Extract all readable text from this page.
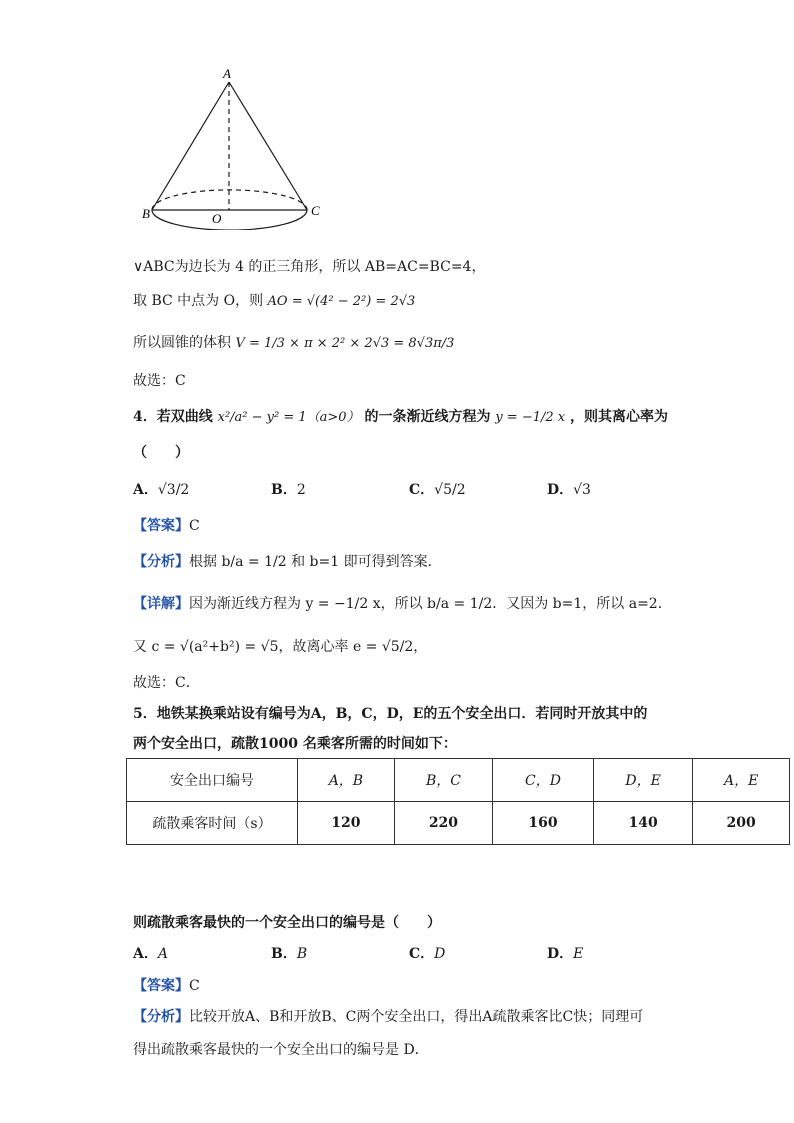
A
B	C
O
∨ABC为边长为 4 的正三角形，所以 AB=AC=BC=4，
取 BC 中点为 O，则 AO = √(4² − 2²) = 2√3
所以圆锥的体积 V = 1/3 × π × 2² × 2√3 = 8√3π/3
故选：C
4．若双曲线 x²/a² − y² = 1（a>0） 的一条渐近线方程为 y = −1/2 x ，则其离心率为
（　　）
A．√3/2	B．2	C．√5/2	D．√3
【答案】C
【分析】根据 b/a = 1/2 和 b=1 即可得到答案.
【详解】因为渐近线方程为 y = −1/2 x，所以 b/a = 1/2．又因为 b=1，所以 a=2．
又 c = √(a²+b²) = √5，故离心率 e = √5/2，
故选：C．
5．地铁某换乘站设有编号为A，B，C，D，E的五个安全出口．若同时开放其中的
两个安全出口，疏散1000 名乘客所需的时间如下：
安全出口编号	A，B	B，C	C，D	D，E	A，E
疏散乘客时间（s）	120	220	160	140	200
则疏散乘客最快的一个安全出口的编号是（　　）
A．A	B．B	C．D	D．E
【答案】C
【分析】比较开放A、B和开放B、C两个安全出口，得出A疏散乘客比C快；同理可
得出疏散乘客最快的一个安全出口的编号是 D．
